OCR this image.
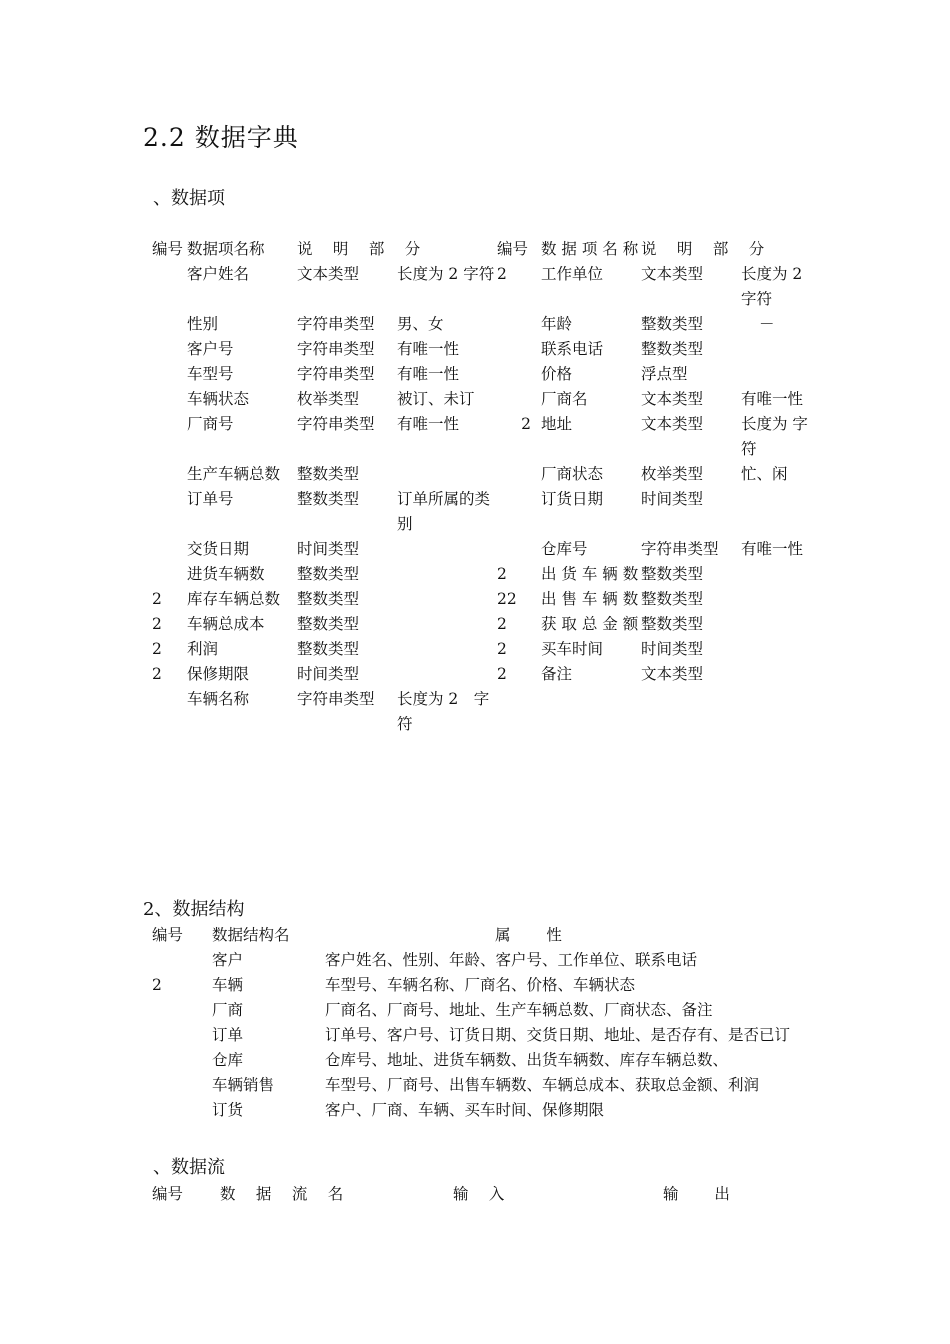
2.2 数据字典
、数据项
编号	数据项名称	说　 明　 部　 分		编号	数 据 项 名 称	说　 明　 部　 分	
	客户姓名	文本类型	长度为 2 字符	2	工作单位	文本类型	长度为 2 字符
	性别	字符串类型	男、女		年龄	整数类型	－
	客户号	字符串类型	有唯一性		联系电话	整数类型	
	车型号	字符串类型	有唯一性		价格	浮点型	
	车辆状态	枚举类型	被订、未订		厂商名	文本类型	有唯一性
	厂商号	字符串类型	有唯一性	2	地址	文本类型	长度为 字符
	生产车辆总数	整数类型			厂商状态	枚举类型	忙、闲
	订单号	整数类型	订单所属的类别		订货日期	时间类型	
	交货日期	时间类型			仓库号	字符串类型	有唯一性
	进货车辆数	整数类型		2	出 货 车 辆 数	整数类型	
2	库存车辆总数	整数类型		22	出 售 车 辆 数	整数类型	
2	车辆总成本	整数类型		2	获 取 总 金 额	整数类型	
2	利润	整数类型		2	买车时间	时间类型	
2	保修期限	时间类型		2	备注	文本类型	
	车辆名称	字符串类型	长度为 2　字符				
2、数据结构
编号	数据结构名	属　　 性
	客户	客户姓名、性别、年龄、客户号、工作单位、联系电话
2	车辆	车型号、车辆名称、厂商名、价格、车辆状态
	厂商	厂商名、厂商号、地址、生产车辆总数、厂商状态、备注
	订单	订单号、客户号、订货日期、交货日期、地址、是否存有、是否已订
	仓库	仓库号、地址、进货车辆数、出货车辆数、库存车辆总数、
	车辆销售	车型号、厂商号、出售车辆数、车辆总成本、获取总金额、利润
	订货	客户、厂商、车辆、买车时间、保修期限
、数据流
编号 数　 据　 流　 名	输　 入	输　　 出
